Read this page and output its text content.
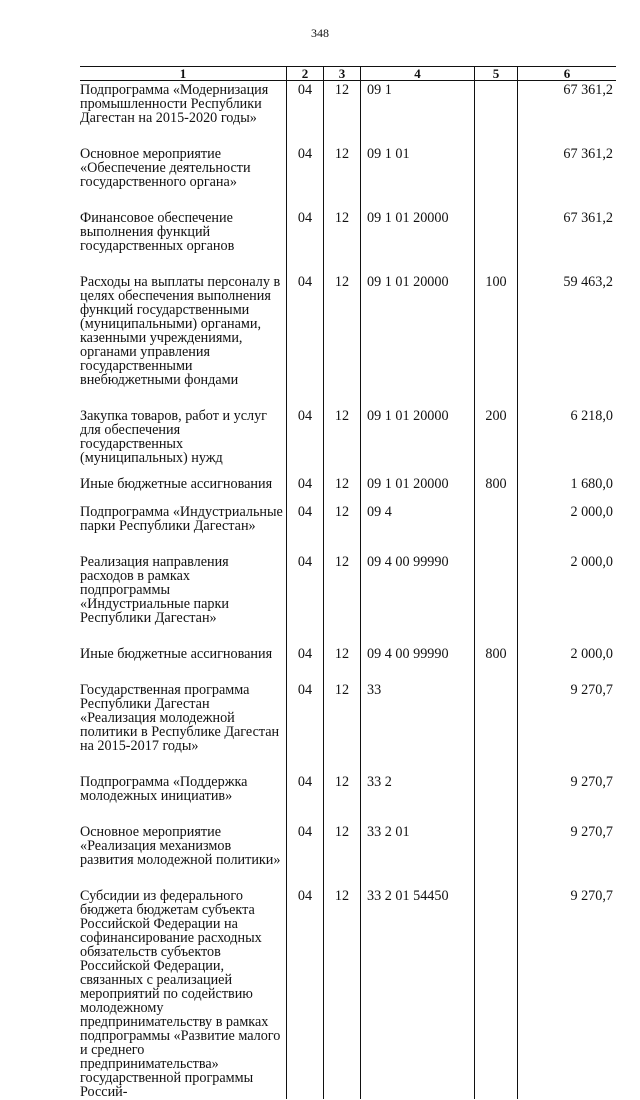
348
1	2	3	4	5	6
Подпрограмма «Модернизация промышленности Республики Дагестан на 2015-2020 годы»	04	12	09 1		67 361,2
Основное мероприятие «Обеспечение деятельности государственного органа»	04	12	09 1 01		67 361,2
Финансовое обеспечение выполнения функций государственных органов	04	12	09 1 01 20000		67 361,2
Расходы на выплаты персоналу в целях обеспечения выполнения функций государственными (муниципальными) органами, казенными учреждениями, органами управления государственными внебюджетными фондами	04	12	09 1 01 20000	100	59 463,2
Закупка товаров, работ и услуг для обеспечения государственных (муниципальных) нужд	04	12	09 1 01 20000	200	6 218,0
Иные бюджетные ассигнования	04	12	09 1 01 20000	800	1 680,0
Подпрограмма «Индустриальные парки Республики Дагестан»	04	12	09 4		2 000,0
Реализация направления расходов в рамках подпрограммы «Индустриальные парки Республики Дагестан»	04	12	09 4 00 99990		2 000,0
Иные бюджетные ассигнования	04	12	09 4 00 99990	800	2 000,0
Государственная программа Республики Дагестан «Реализация молодежной политики в Республике Дагестан на 2015-2017 годы»	04	12	33		9 270,7
Подпрограмма «Поддержка молодежных инициатив»	04	12	33 2		9 270,7
Основное мероприятие «Реализация механизмов развития молодежной политики»	04	12	33 2 01		9 270,7
Субсидии из федерального бюджета бюджетам субъекта Российской Федерации на софинансирование расходных обязательств субъектов Российской Федерации, связанных с реализацией мероприятий по содействию молодежному предпринимательству в рамках подпрограммы «Развитие малого и среднего предпринимательства» государственной программы Россий-	04	12	33 2 01 54450		9 270,7
